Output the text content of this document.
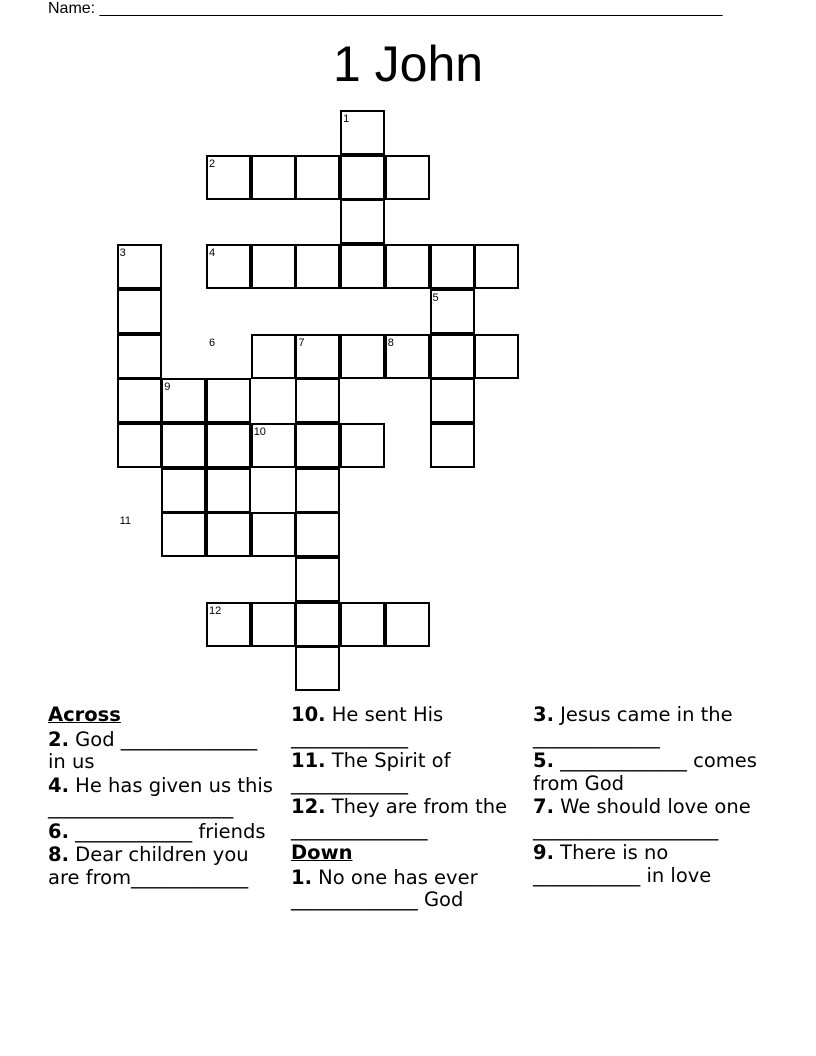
Name: ______________________________________________________________________
1 John
1
2
3	4
5
6	7	8
9
10
11
12
Across
2. God ______________ in us
4. He has given us this ___________________
6. ____________ friends
8. Dear children you are from____________
10. He sent His ____________
11. The Spirit of ____________
12. They are from the ______________
Down
1. No one has ever _____________ God
3. Jesus came in the _____________
5. _____________ comes from God
7. We should love one ___________________
9. There is no ___________ in love
